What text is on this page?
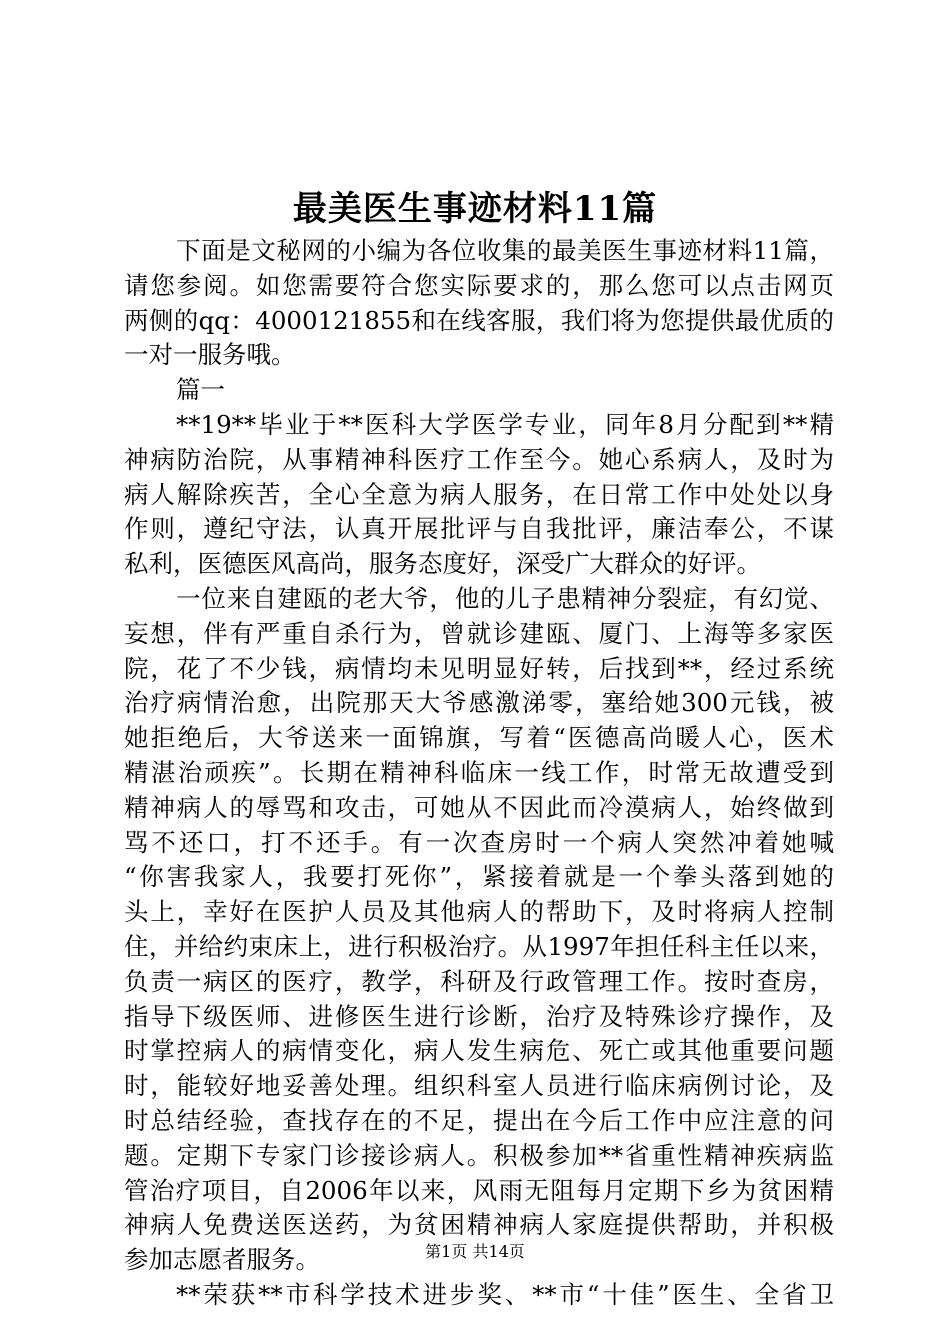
最美医生事迹材料11篇
下面是文秘网的小编为各位收集的最美医生事迹材料11篇，
请您参阅。如您需要符合您实际要求的，那么您可以点击网页
两侧的qq：4000121855和在线客服，我们将为您提供最优质的
一对一服务哦。
篇一
**19**毕业于**医科大学医学专业，同年8月分配到**精
神病防治院，从事精神科医疗工作至今。她心系病人，及时为
病人解除疾苦，全心全意为病人服务，在日常工作中处处以身
作则，遵纪守法，认真开展批评与自我批评，廉洁奉公，不谋
私利，医德医风高尚，服务态度好，深受广大群众的好评。
一位来自建瓯的老大爷，他的儿子患精神分裂症，有幻觉、
妄想，伴有严重自杀行为，曾就诊建瓯、厦门、上海等多家医
院，花了不少钱，病情均未见明显好转，后找到**，经过系统
治疗病情治愈，出院那天大爷感激涕零，塞给她300元钱，被
她拒绝后，大爷送来一面锦旗，写着“医德高尚暖人心，医术
精湛治顽疾”。长期在精神科临床一线工作，时常无故遭受到
精神病人的辱骂和攻击，可她从不因此而冷漠病人，始终做到
骂不还口，打不还手。有一次查房时一个病人突然冲着她喊
“你害我家人，我要打死你”，紧接着就是一个拳头落到她的
头上，幸好在医护人员及其他病人的帮助下，及时将病人控制
住，并给约束床上，进行积极治疗。从1997年担任科主任以来，
负责一病区的医疗，教学，科研及行政管理工作。按时查房，
指导下级医师、进修医生进行诊断，治疗及特殊诊疗操作，及
时掌控病人的病情变化，病人发生病危、死亡或其他重要问题
时，能较好地妥善处理。组织科室人员进行临床病例讨论，及
时总结经验，查找存在的不足，提出在今后工作中应注意的问
题。定期下专家门诊接诊病人。积极参加**省重性精神疾病监
管治疗项目，自2006年以来，风雨无阻每月定期下乡为贫困精
神病人免费送医送药，为贫困精神病人家庭提供帮助，并积极
参加志愿者服务。
**荣获**市科学技术进步奖、**市“十佳”医生、全省卫
第1页 共14页
